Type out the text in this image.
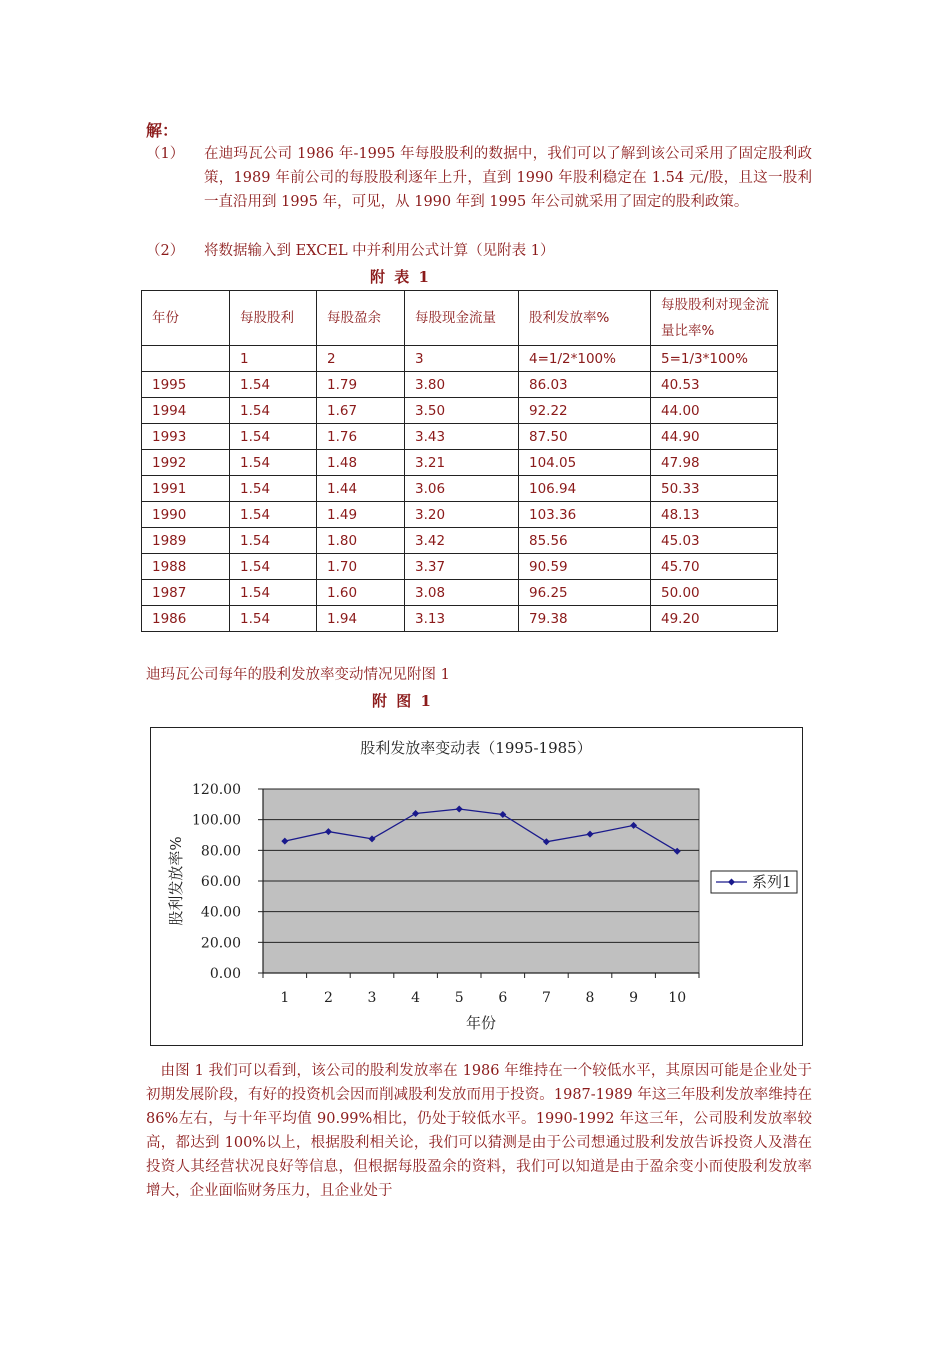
解：
（1） 在迪玛瓦公司 1986 年-1995 年每股股利的数据中，我们可以了解到该公司采用了固定股利政策，1989 年前公司的每股股利逐年上升，直到 1990 年股利稳定在 1.54 元/股，且这一股利一直沿用到 1995 年，可见，从 1990 年到 1995 年公司就采用了固定的股利政策。
（2） 将数据输入到 EXCEL 中并利用公式计算（见附表 1）
附 表 1
年份	每股股利	每股盈余	每股现金流量	股利发放率%	每股股利对现金流量比率%
	1	2	3	4=1/2*100%	5=1/3*100%
1995	1.54	1.79	3.80	86.03	40.53
1994	1.54	1.67	3.50	92.22	44.00
1993	1.54	1.76	3.43	87.50	44.90
1992	1.54	1.48	3.21	104.05	47.98
1991	1.54	1.44	3.06	106.94	50.33
1990	1.54	1.49	3.20	103.36	48.13
1989	1.54	1.80	3.42	85.56	45.03
1988	1.54	1.70	3.37	90.59	45.70
1987	1.54	1.60	3.08	96.25	50.00
1986	1.54	1.94	3.13	79.38	49.20
迪玛瓦公司每年的股利发放率变动情况见附图 1
附 图 1
0.00
20.00
40.00
60.00
80.00
100.00
120.00
1 2 3 4 5 6 7 8 9 10
股利发放率变动表（1995-1985）
年份
股利发放率%	系列1
由图 1 我们可以看到，该公司的股利发放率在 1986 年维持在一个较低水平，其原因可能是企业处于初期发展阶段，有好的投资机会因而削减股利发放而用于投资。1987-1989 年这三年股利发放率维持在 86%左右，与十年平均值 90.99%相比，仍处于较低水平。1990-1992 年这三年，公司股利发放率较高，都达到 100%以上，根据股利相关论，我们可以猜测是由于公司想通过股利发放告诉投资人及潜在投资人其经营状况良好等信息，但根据每股盈余的资料，我们可以知道是由于盈余变小而使股利发放率增大，企业面临财务压力，且企业处于
